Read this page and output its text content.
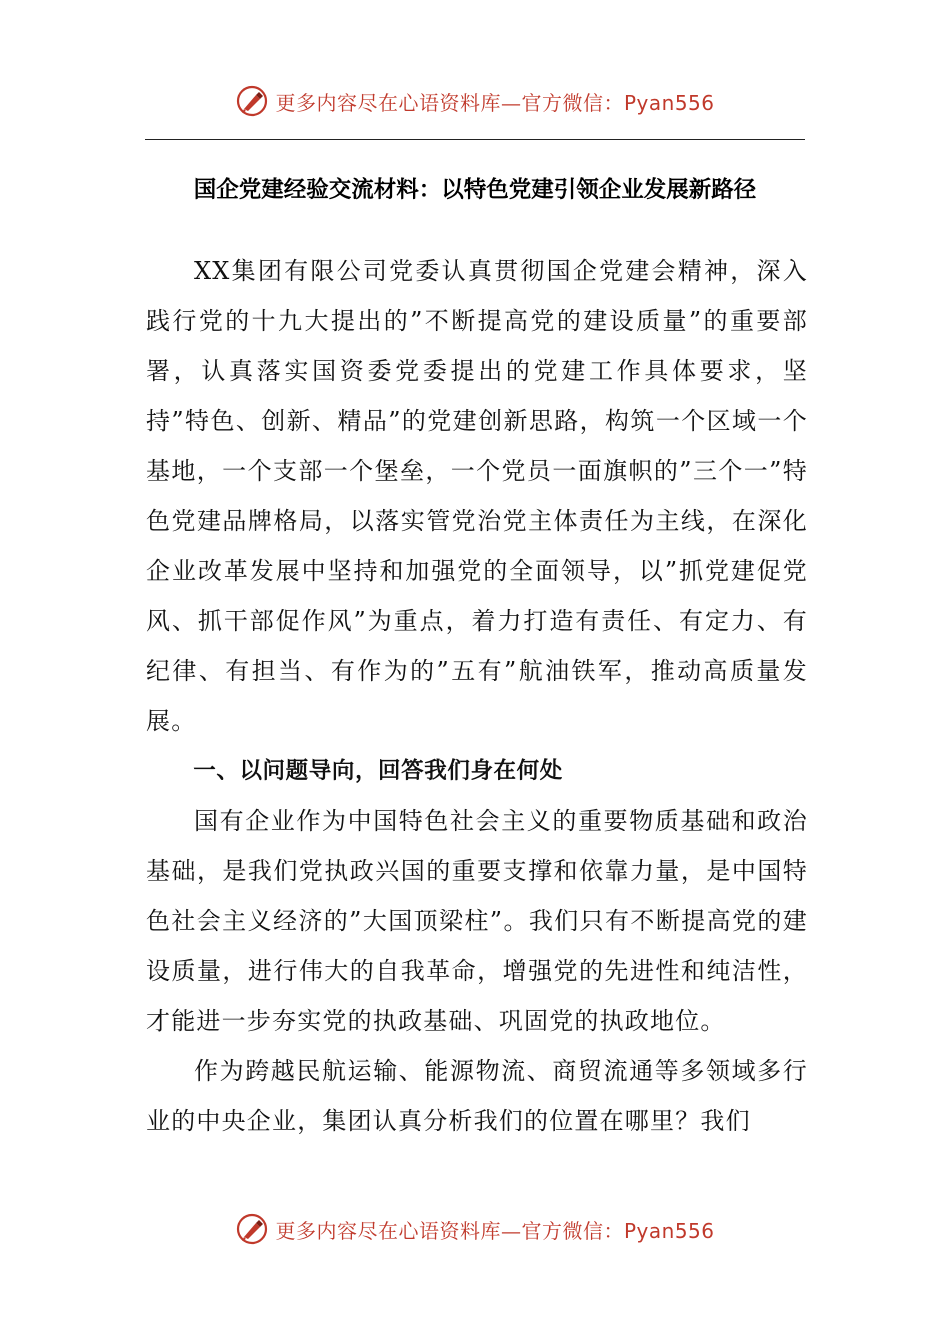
更多内容尽在心语资料库—官方微信：Pyan556
国企党建经验交流材料：以特色党建引领企业发展新路径

XX集团有限公司党委认真贯彻国企党建会精神，深入践行党的十九大提出的”不断提高党的建设质量”的重要部署，认真落实国资委党委提出的党建工作具体要求，坚持”特色、创新、精品”的党建创新思路，构筑一个区域一个基地，一个支部一个堡垒，一个党员一面旗帜的”三个一”特色党建品牌格局，以落实管党治党主体责任为主线，在深化企业改革发展中坚持和加强党的全面领导，以”抓党建促党风、抓干部促作风”为重点，着力打造有责任、有定力、有纪律、有担当、有作为的”五有”航油铁军，推动高质量发展。

一、以问题导向，回答我们身在何处

国有企业作为中国特色社会主义的重要物质基础和政治基础，是我们党执政兴国的重要支撑和依靠力量，是中国特色社会主义经济的”大国顶梁柱”。我们只有不断提高党的建设质量，进行伟大的自我革命，增强党的先进性和纯洁性，才能进一步夯实党的执政基础、巩固党的执政地位。

作为跨越民航运输、能源物流、商贸流通等多领域多行业的中央企业，集团认真分析我们的位置在哪里？我们

更多内容尽在心语资料库—官方微信：Pyan556
